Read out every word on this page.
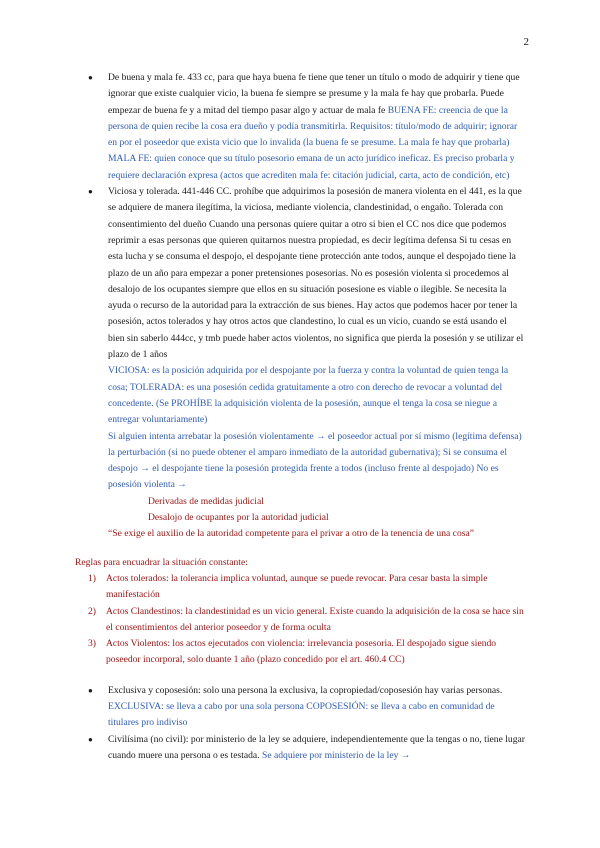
2
● De buena y mala fe. 433 cc, para que haya buena fe tiene que tener un título o modo de adquirir y tiene que ignorar que existe cualquier vicio, la buena fe siempre se presume y la mala fe hay que probarla. Puede empezar de buena fe y a mitad del tiempo pasar algo y actuar de mala fe BUENA FE: creencia de que la persona de quien recibe la cosa era dueño y podía transmitirla. Requisitos: título/modo de adquirir; ignorar en por el poseedor que exista vicio que lo invalida (la buena fe se presume. La mala fe hay que probarla) MALA FE: quien conoce que su título posesorio emana de un acto jurídico ineficaz. Es preciso probarla y requiere declaración expresa (actos que acrediten mala fe: citación judicial, carta, acto de condición, etc)
● Viciosa y tolerada. 441-446 CC. prohíbe que adquirimos la posesión de manera violenta en el 441, es la que se adquiere de manera ilegítima, la viciosa, mediante violencia, clandestinidad, o engaño. Tolerada con consentimiento del dueño Cuando una personas quiere quitar a otro si bien el CC nos dice que podemos reprimir a esas personas que quieren quitarnos nuestra propiedad, es decir legítima defensa Si tu cesas en esta lucha y se consuma el despojo, el despojante tiene protección ante todos, aunque el despojado tiene la plazo de un año para empezar a poner pretensiones posesorias. No es posesión violenta si procedemos al desalojo de los ocupantes siempre que ellos en su situación posesione es viable o ilegible. Se necesita la ayuda o recurso de la autoridad para la extracción de sus bienes. Hay actos que podemos hacer por tener la posesión, actos tolerados y hay otros actos que clandestino, lo cual es un vicio, cuando se está usando el bien sin saberlo 444cc, y tmb puede haber actos violentos, no significa que pierda la posesión y se utilizar el plazo de 1 años
VICIOSA: es la posición adquirida por el despojante por la fuerza y contra la voluntad de quien tenga la cosa; TOLERADA: es una posesión cedida gratuitamente a otro con derecho de revocar a voluntad del concedente. (Se PROHÍBE la adquisición violenta de la posesión, aunque el tenga la cosa se niegue a entregar voluntariamente)
Si alguien intenta arrebatar la posesión violentamente → el poseedor actual por sí mismo (legítima defensa) la perturbación (si no puede obtener el amparo inmediato de la autoridad gubernativa); Si se consuma el despojo → el despojante tiene la posesión protegida frente a todos (incluso frente al despojado) No es posesión violenta →
Derivadas de medidas judicial
Desalojo de ocupantes por la autoridad judicial
“Se exige el auxilio de la autoridad competente para el privar a otro de la tenencia de una cosa”
Reglas para encuadrar la situación constante:
1) Actos tolerados: la tolerancia implica voluntad, aunque se puede revocar. Para cesar basta la simple manifestación
2) Actos Clandestinos: la clandestinidad es un vicio general. Existe cuando la adquisición de la cosa se hace sin el consentimientos del anterior poseedor y de forma oculta
3) Actos Violentos: los actos ejecutados con violencia: irrelevancia posesoria. El despojado sigue siendo poseedor incorporal, solo duante 1 año (plazo concedido por el art. 460.4 CC)
● Exclusiva y coposesión: solo una persona la exclusiva, la copropiedad/coposesión hay varias personas. EXCLUSIVA: se lleva a cabo por una sola persona COPOSESIÓN: se lleva a cabo en comunidad de titulares pro indiviso
● Civilísima (no civil): por ministerio de la ley se adquiere, independientemente que la tengas o no, tiene lugar cuando muere una persona o es testada. Se adquiere por ministerio de la ley →
